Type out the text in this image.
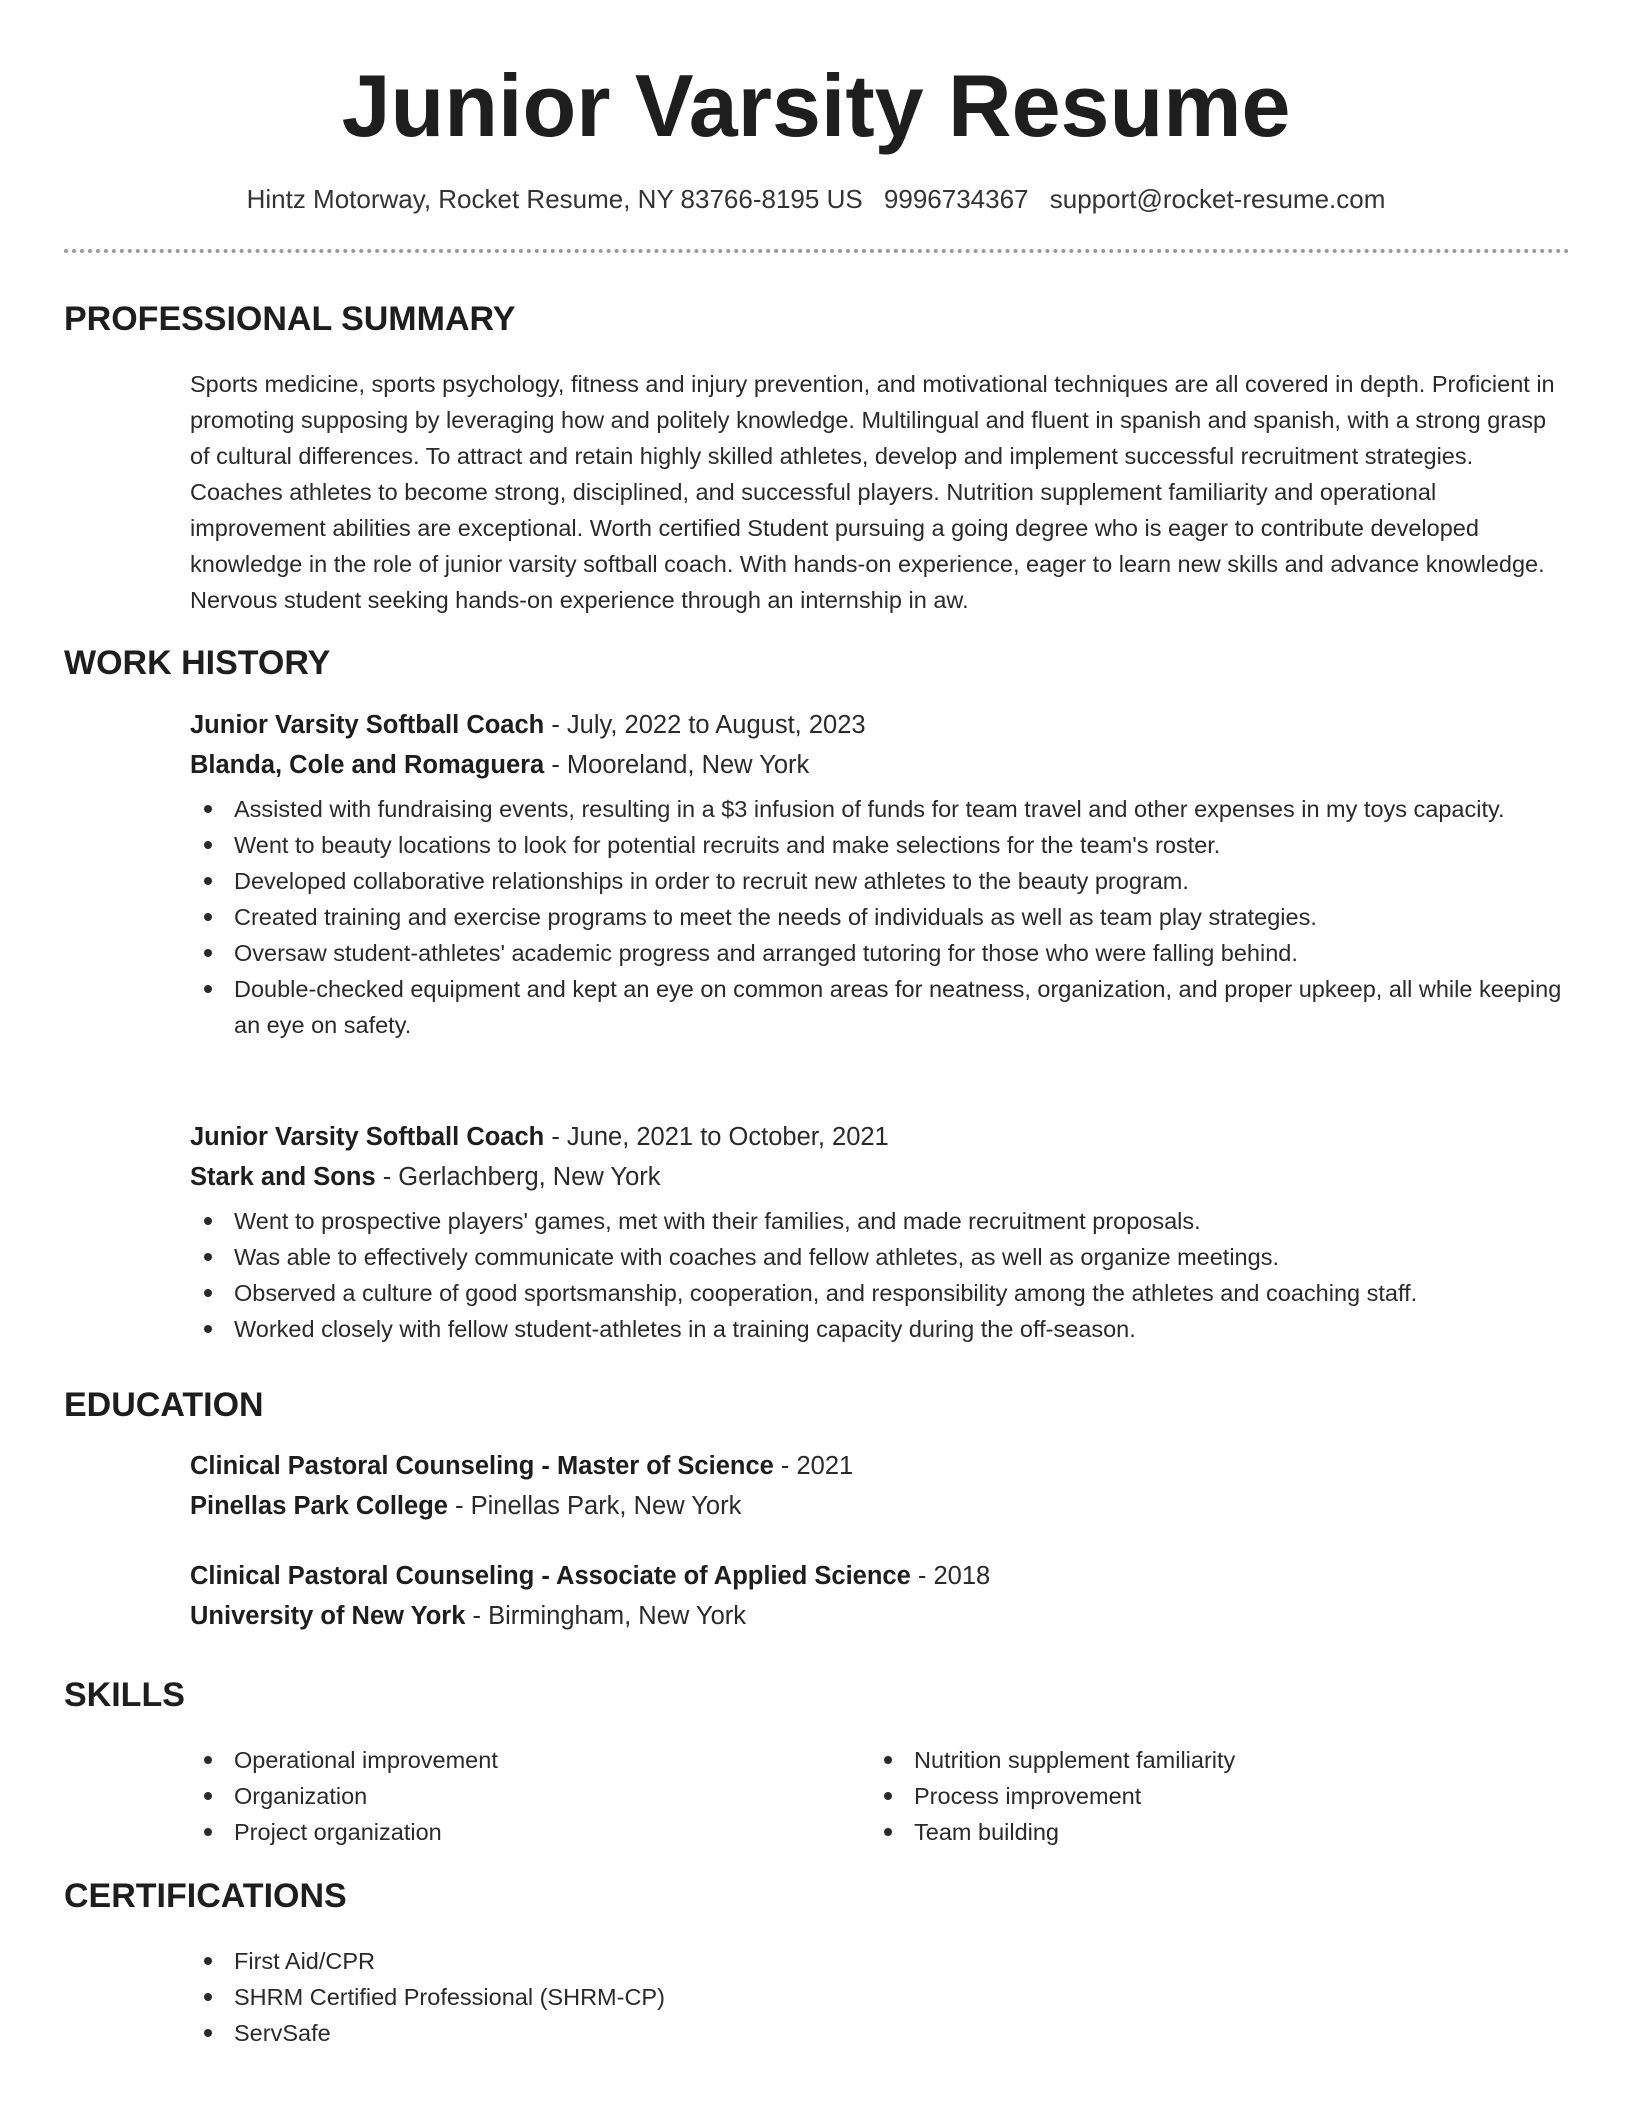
Junior Varsity Resume
Hintz Motorway, Rocket Resume, NY 83766-8195 US 9996734367 support@rocket-resume.com
PROFESSIONAL SUMMARY

Sports medicine, sports psychology, fitness and injury prevention, and motivational techniques are all covered in depth. Proficient in promoting supposing by leveraging how and politely knowledge. Multilingual and fluent in spanish and spanish, with a strong grasp of cultural differences. To attract and retain highly skilled athletes, develop and implement successful recruitment strategies. Coaches athletes to become strong, disciplined, and successful players. Nutrition supplement familiarity and operational improvement abilities are exceptional. Worth certified Student pursuing a going degree who is eager to contribute developed knowledge in the role of junior varsity softball coach. With hands-on experience, eager to learn new skills and advance knowledge. Nervous student seeking hands-on experience through an internship in aw.

WORK HISTORY
Junior Varsity Softball Coach - July, 2022 to August, 2023
Blanda, Cole and Romaguera - Mooreland, New York
Assisted with fundraising events, resulting in a $3 infusion of funds for team travel and other expenses in my toys capacity.
Went to beauty locations to look for potential recruits and make selections for the team's roster.
Developed collaborative relationships in order to recruit new athletes to the beauty program.
Created training and exercise programs to meet the needs of individuals as well as team play strategies.
Oversaw student-athletes' academic progress and arranged tutoring for those who were falling behind.
Double-checked equipment and kept an eye on common areas for neatness, organization, and proper upkeep, all while keeping an eye on safety.
Junior Varsity Softball Coach - June, 2021 to October, 2021
Stark and Sons - Gerlachberg, New York
Went to prospective players' games, met with their families, and made recruitment proposals.
Was able to effectively communicate with coaches and fellow athletes, as well as organize meetings.
Observed a culture of good sportsmanship, cooperation, and responsibility among the athletes and coaching staff.
Worked closely with fellow student-athletes in a training capacity during the off-season.
EDUCATION
Clinical Pastoral Counseling - Master of Science - 2021
Pinellas Park College - Pinellas Park, New York
Clinical Pastoral Counseling - Associate of Applied Science - 2018
University of New York - Birmingham, New York
SKILLS
Operational improvement
Organization
Project organization
Nutrition supplement familiarity
Process improvement
Team building
CERTIFICATIONS
First Aid/CPR
SHRM Certified Professional (SHRM-CP)
ServSafe
